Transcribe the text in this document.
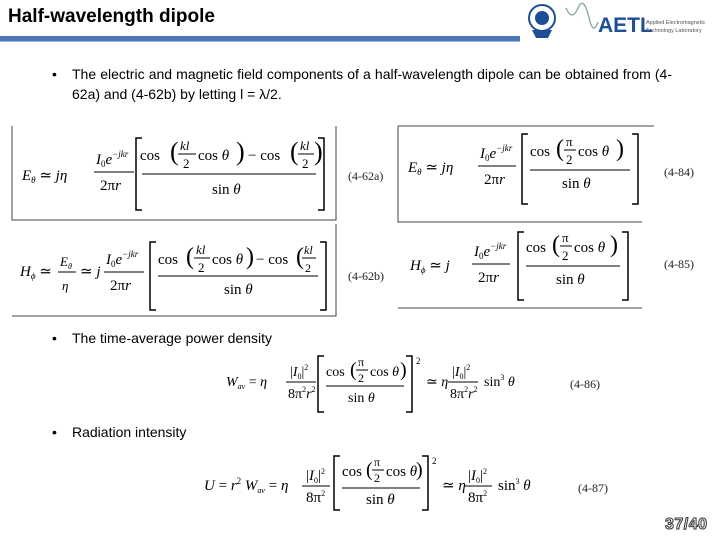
Half-wavelength dipole	AETL
Applied Electromagnetic
Technology Laboratory
• The electric and magnetic field components of a half-wavelength dipole can be obtained from (4-62a) and (4-62b) by letting l = λ/2.
$E_\theta$ ≃ jη
$I_0e^{-jkr}$
2πr
cos ( kl
2 cos θ ) − cos ( kl
2 )
sin θ
(4-62a)
$H_\phi$ ≃
$E_\theta$
η
≃ j
$I_0e^{-jkr}$
2πr
cos ( kl
2 cos θ ) − cos ( kl
2
sin θ
(4-62b)
$E_\theta$ ≃ jη
$I_0e^{-jkr}$
2πr
cos ( π
2 cos θ )
sin θ
(4-84)
$H_\phi$ ≃ j
$I_0e^{-jkr}$
2πr
cos ( π
2 cos θ )
sin θ
(4-85)
• The time-average power density
$W_{av} = \eta$
$|I_0|^2$
$8\pi^2r^2$
2
cos ( π
2 cos θ )
sin θ
≃ η
$|I_0|^2$
$8\pi^2r^2$ $\sin^3 \theta$	(4-86)
• Radiation intensity
$U = r^2$ $W_{av} = \eta$
$|I_0|^2$
$8\pi^2$
2
cos ( π
2 cos θ
)
sin θ
≃ η
$|I_0|^2$
$8\pi^2$ $\sin^3 \theta$	(4-87)
37/40
